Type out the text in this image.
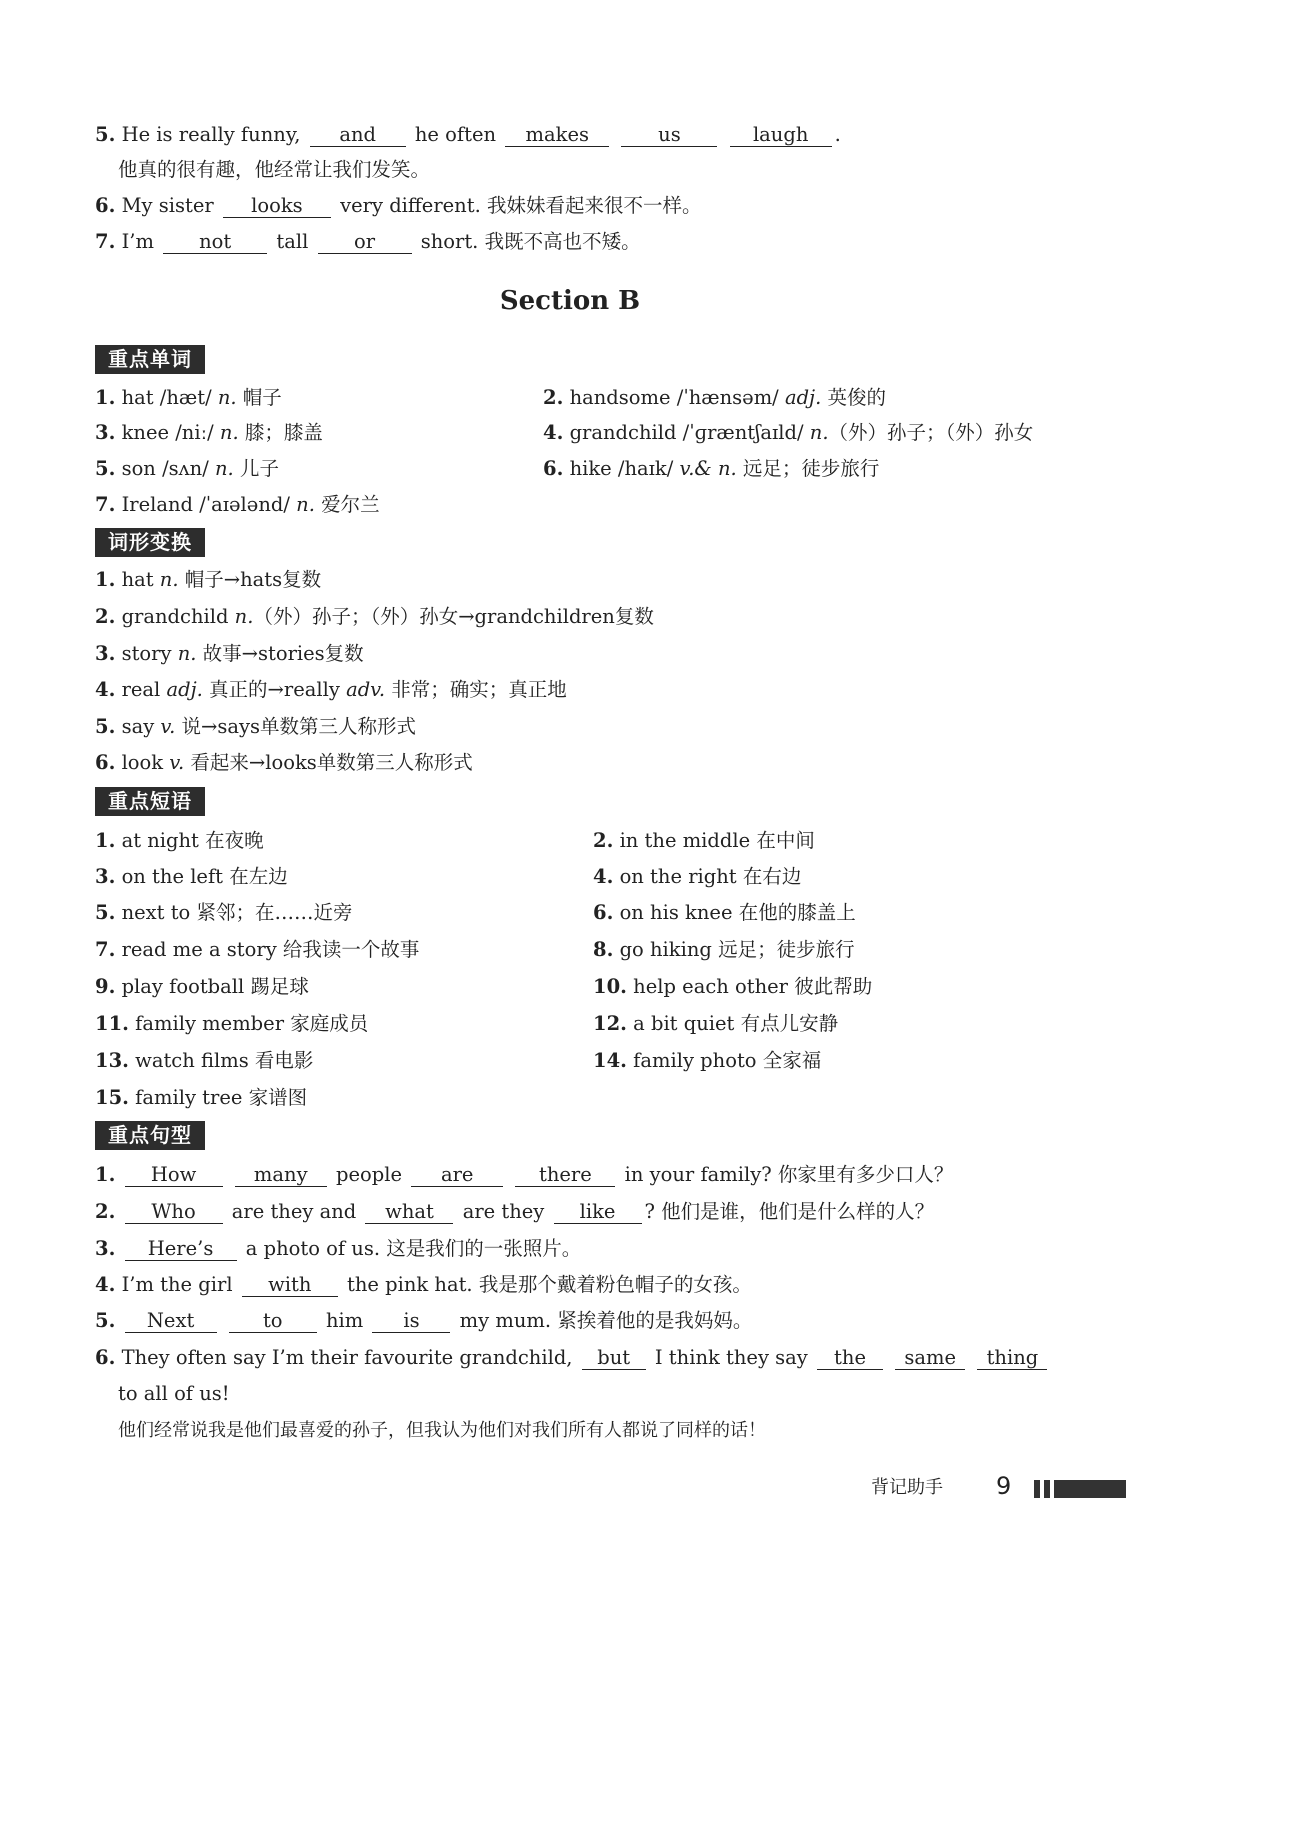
5. He is really funny, and he often makes	us	laugh .
他真的很有趣，他经常让我们发笑。
6. My sister looks very different. 我妹妹看起来很不一样。
7. I’m not tall or short. 我既不高也不矮。
Section B
重点单词
1. hat /hæt/ n. 帽子	2. handsome /ˈhænsəm/ adj. 英俊的
3. knee /niː/ n. 膝；膝盖	4. grandchild /ˈɡræntʃaɪld/ n.（外）孙子；（外）孙女
5. son /sʌn/ n. 儿子	6. hike /haɪk/ v.& n. 远足；徒步旅行
7. Ireland /ˈaɪələnd/ n. 爱尔兰
词形变换
1. hat n. 帽子→hats复数
2. grandchild n.（外）孙子；（外）孙女→grandchildren复数
3. story n. 故事→stories复数
4. real adj. 真正的→really adv. 非常；确实；真正地
5. say v. 说→says单数第三人称形式
6. look v. 看起来→looks单数第三人称形式
重点短语
1. at night 在夜晚	2. in the middle 在中间
3. on the left 在左边	4. on the right 在右边
5. next to 紧邻；在……近旁	6. on his knee 在他的膝盖上
7. read me a story 给我读一个故事	8. go hiking 远足；徒步旅行
9. play football 踢足球	10. help each other 彼此帮助
11. family member 家庭成员	12. a bit quiet 有点儿安静
13. watch films 看电影	14. family photo 全家福
15. family tree 家谱图
重点句型
1. How	many people are	there in your family? 你家里有多少口人？
2. Who are they and what are they like ? 他们是谁，他们是什么样的人？
3. Here’s a photo of us. 这是我们的一张照片。
4. I’m the girl with the pink hat. 我是那个戴着粉色帽子的女孩。
5. Next	to him is my mum. 紧挨着他的是我妈妈。
6. They often say I’m their favourite grandchild, but I think they say the same thing
to all of us!
他们经常说我是他们最喜爱的孙子，但我认为他们对我们所有人都说了同样的话！
背记助手 9
